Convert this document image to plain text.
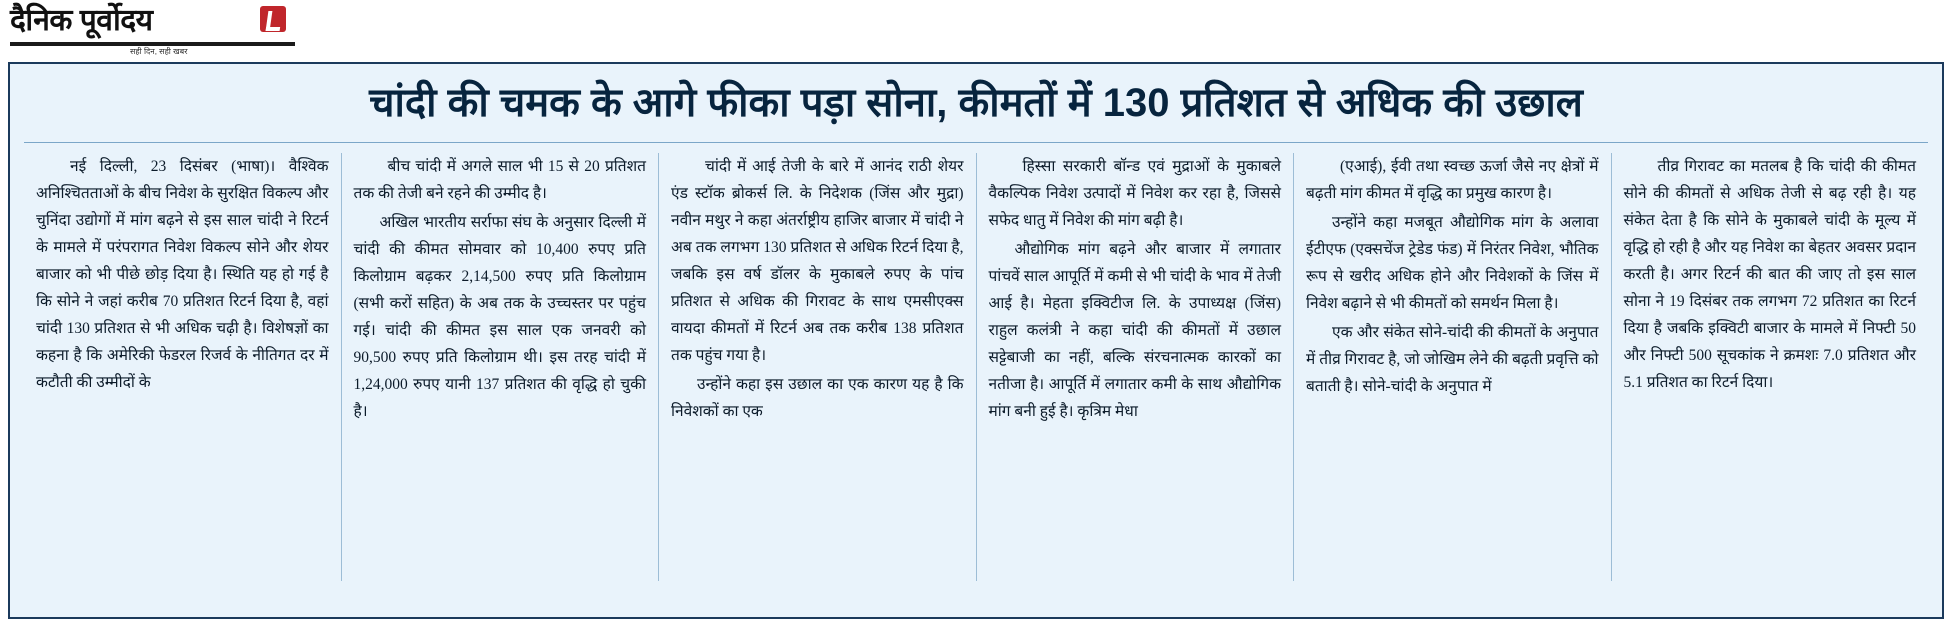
दैनिक पूर्वोदय
सही दिन, सही खबर
चांदी की चमक के आगे फीका पड़ा सोना, कीमतों में 130 प्रतिशत से अधिक की उछाल

नई दिल्ली, 23 दिसंबर (भाषा)। वैश्विक अनिश्चितताओं के बीच निवेश के सुरक्षित विकल्प और चुनिंदा उद्योगों में मांग बढ़ने से इस साल चांदी ने रिटर्न के मामले में परंपरागत निवेश विकल्प सोने और शेयर बाजार को भी पीछे छोड़ दिया है। स्थिति यह हो गई है कि सोने ने जहां करीब 70 प्रतिशत रिटर्न दिया है, वहां चांदी 130 प्रतिशत से भी अधिक चढ़ी है। विशेषज्ञों का कहना है कि अमेरिकी फेडरल रिजर्व के नीतिगत दर में कटौती की उम्मीदों के

बीच चांदी में अगले साल भी 15 से 20 प्रतिशत तक की तेजी बने रहने की उम्मीद है।

अखिल भारतीय सर्राफा संघ के अनुसार दिल्ली में चांदी की कीमत सोमवार को 10,400 रुपए प्रति किलोग्राम बढ़कर 2,14,500 रुपए प्रति किलोग्राम (सभी करों सहित) के अब तक के उच्चस्तर पर पहुंच गई। चांदी की कीमत इस साल एक जनवरी को 90,500 रुपए प्रति किलोग्राम थी। इस तरह चांदी में 1,24,000 रुपए यानी 137 प्रतिशत की वृद्धि हो चुकी है।

चांदी में आई तेजी के बारे में आनंद राठी शेयर एंड स्टॉक ब्रोकर्स लि. के निदेशक (जिंस और मुद्रा) नवीन मथुर ने कहा अंतर्राष्ट्रीय हाजिर बाजार में चांदी ने अब तक लगभग 130 प्रतिशत से अधिक रिटर्न दिया है, जबकि इस वर्ष डॉलर के मुकाबले रुपए के पांच प्रतिशत से अधिक की गिरावट के साथ एमसीएक्स वायदा कीमतों में रिटर्न अब तक करीब 138 प्रतिशत तक पहुंच गया है।

उन्होंने कहा इस उछाल का एक कारण यह है कि निवेशकों का एक

हिस्सा सरकारी बॉन्ड एवं मुद्राओं के मुकाबले वैकल्पिक निवेश उत्पादों में निवेश कर रहा है, जिससे सफेद धातु में निवेश की मांग बढ़ी है।

औद्योगिक मांग बढ़ने और बाजार में लगातार पांचवें साल आपूर्ति में कमी से भी चांदी के भाव में तेजी आई है। मेहता इक्विटीज लि. के उपाध्यक्ष (जिंस) राहुल कलंत्री ने कहा चांदी की कीमतों में उछाल सट्टेबाजी का नहीं, बल्कि संरचनात्मक कारकों का नतीजा है। आपूर्ति में लगातार कमी के साथ औद्योगिक मांग बनी हुई है। कृत्रिम मेधा

(एआई), ईवी तथा स्वच्छ ऊर्जा जैसे नए क्षेत्रों में बढ़ती मांग कीमत में वृद्धि का प्रमुख कारण है।

उन्होंने कहा मजबूत औद्योगिक मांग के अलावा ईटीएफ (एक्सचेंज ट्रेडेड फंड) में निरंतर निवेश, भौतिक रूप से खरीद अधिक होने और निवेशकों के जिंस में निवेश बढ़ाने से भी कीमतों को समर्थन मिला है।

एक और संकेत सोने-चांदी की कीमतों के अनुपात में तीव्र गिरावट है, जो जोखिम लेने की बढ़ती प्रवृत्ति को बताती है। सोने-चांदी के अनुपात में

तीव्र गिरावट का मतलब है कि चांदी की कीमत सोने की कीमतों से अधिक तेजी से बढ़ रही है। यह संकेत देता है कि सोने के मुकाबले चांदी के मूल्य में वृद्धि हो रही है और यह निवेश का बेहतर अवसर प्रदान करती है। अगर रिटर्न की बात की जाए तो इस साल सोना ने 19 दिसंबर तक लगभग 72 प्रतिशत का रिटर्न दिया है जबकि इक्विटी बाजार के मामले में निफ्टी 50 और निफ्टी 500 सूचकांक ने क्रमशः 7.0 प्रतिशत और 5.1 प्रतिशत का रिटर्न दिया।
